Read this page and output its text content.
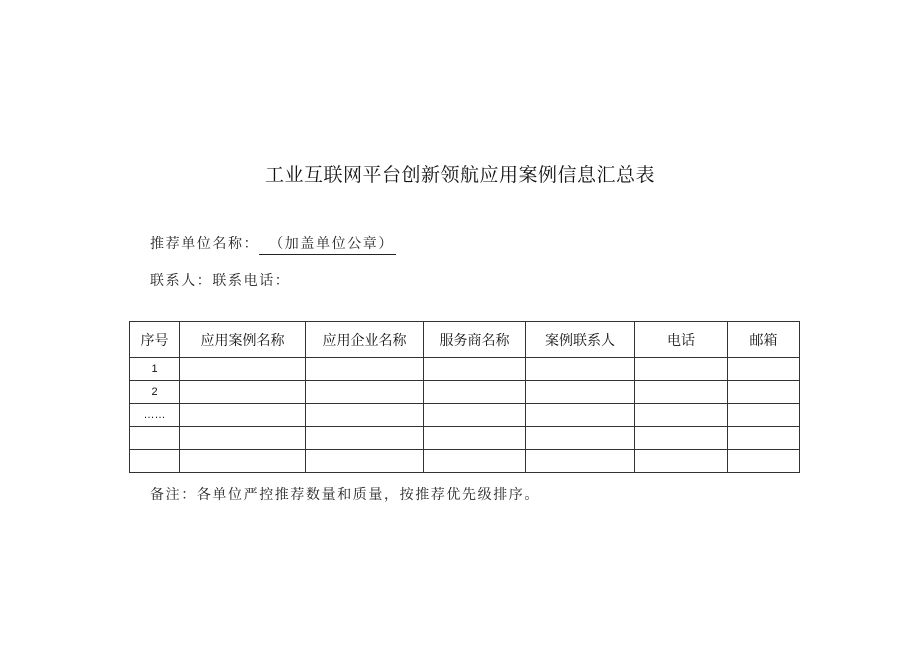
工业互联网平台创新领航应用案例信息汇总表
推荐单位名称： （加盖单位公章）
联系人：联系电话：
序号	应用案例名称	应用企业名称	服务商名称	案例联系人	电话	邮箱
1						
2						
……						

备注：各单位严控推荐数量和质量，按推荐优先级排序。
